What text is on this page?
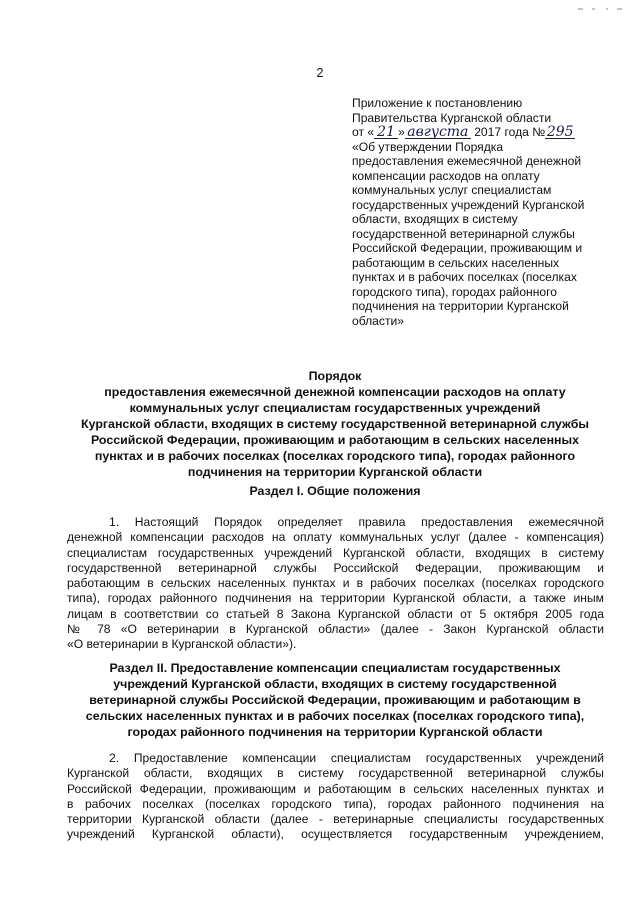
2
Приложение к постановлению
Правительства Курганской области
от « 21 » августа 2017 года № 295
«Об утверждении Порядка
предоставления ежемесячной денежной
компенсации расходов на оплату
коммунальных услуг специалистам
государственных учреждений Курганской
области, входящих в систему
государственной ветеринарной службы
Российской Федерации, проживающим и
работающим в сельских населенных
пунктах и в рабочих поселках (поселках
городского типа), городах районного
подчинения на территории Курганской
области»
Порядок
предоставления ежемесячной денежной компенсации расходов на оплату
коммунальных услуг специалистам государственных учреждений
Курганской области, входящих в систему государственной ветеринарной службы
Российской Федерации, проживающим и работающим в сельских населенных
пунктах и в рабочих поселках (поселках городского типа), городах районного
подчинения на территории Курганской области
Раздел I. Общие положения
1. Настоящий Порядок определяет правила предоставления ежемесячной
денежной компенсации расходов на оплату коммунальных услуг (далее - компенсация)
специалистам государственных учреждений Курганской области, входящих в систему
государственной ветеринарной службы Российской Федерации, проживающим и
работающим в сельских населенных пунктах и в рабочих поселках (поселках городского
типа), городах районного подчинения на территории Курганской области, а также иным
лицам в соответствии со статьей 8 Закона Курганской области от 5 октября 2005 года
№ 78 «О ветеринарии в Курганской области» (далее - Закон Курганской области
«О ветеринарии в Курганской области»).
Раздел II. Предоставление компенсации специалистам государственных
учреждений Курганской области, входящих в систему государственной
ветеринарной службы Российской Федерации, проживающим и работающим в
сельских населенных пунктах и в рабочих поселках (поселках городского типа),
городах районного подчинения на территории Курганской области
2. Предоставление компенсации специалистам государственных учреждений
Курганской области, входящих в систему государственной ветеринарной службы
Российской Федерации, проживающим и работающим в сельских населенных пунктах и
в рабочих поселках (поселках городского типа), городах районного подчинения на
территории Курганской области (далее - ветеринарные специалисты государственных
учреждений Курганской области), осуществляется государственным учреждением,
